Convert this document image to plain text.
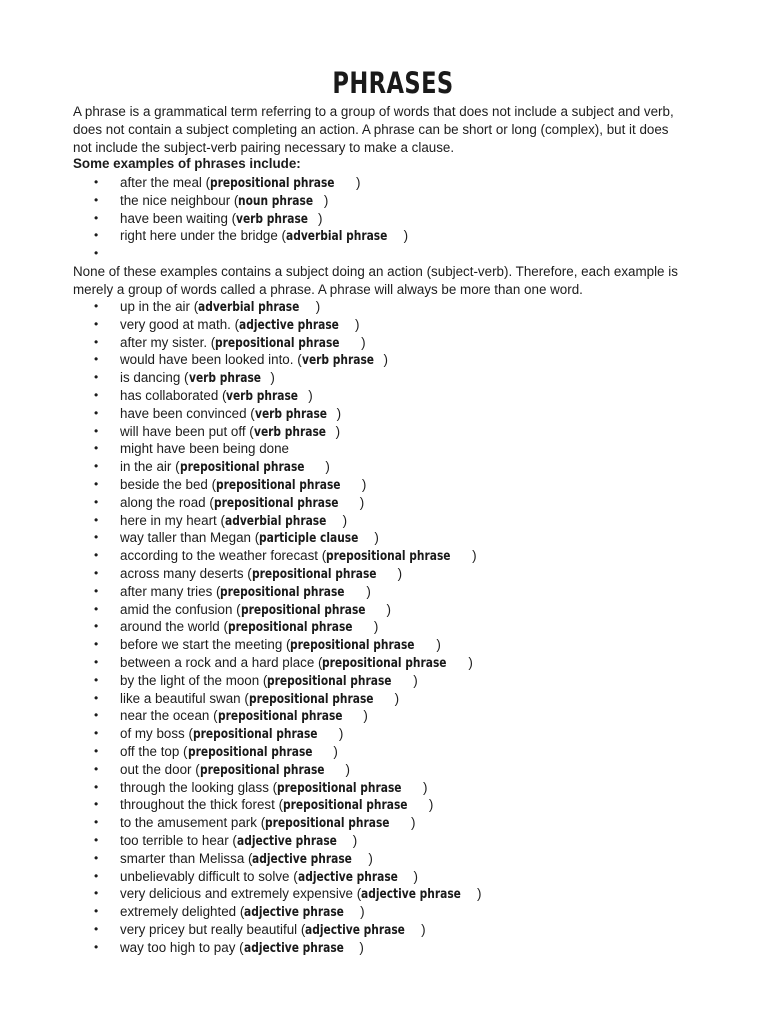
PHRASES

A phrase is a grammatical term referring to a group of words that does not include a subject and verb,
does not contain a subject completing an action. A phrase can be short or long (complex), but it does
not include the subject-verb pairing necessary to make a clause.

Some examples of phrases include:

• after the meal (prepositional phrase )
• the nice neighbour (noun phrase )
• have been waiting (verb phrase )
• right here under the bridge (adverbial phrase )
•

None of these examples contains a subject doing an action (subject-verb). Therefore, each example is
merely a group of words called a phrase. A phrase will always be more than one word.

• up in the air (adverbial phrase )
• very good at math. (adjective phrase )
• after my sister. (prepositional phrase )
• would have been looked into. (verb phrase )
• is dancing (verb phrase )
• has collaborated (verb phrase )
• have been convinced (verb phrase )
• will have been put off (verb phrase )
• might have been being done
• in the air (prepositional phrase )
• beside the bed (prepositional phrase )
• along the road (prepositional phrase )
• here in my heart (adverbial phrase )
• way taller than Megan (participle clause )
• according to the weather forecast (prepositional phrase )
• across many deserts (prepositional phrase )
• after many tries (prepositional phrase )
• amid the confusion (prepositional phrase )
• around the world (prepositional phrase )
• before we start the meeting (prepositional phrase )
• between a rock and a hard place (prepositional phrase )
• by the light of the moon (prepositional phrase )
• like a beautiful swan (prepositional phrase )
• near the ocean (prepositional phrase )
• of my boss (prepositional phrase )
• off the top (prepositional phrase )
• out the door (prepositional phrase )
• through the looking glass (prepositional phrase )
• throughout the thick forest (prepositional phrase )
• to the amusement park (prepositional phrase )
• too terrible to hear (adjective phrase )
• smarter than Melissa (adjective phrase )
• unbelievably difficult to solve (adjective phrase )
• very delicious and extremely expensive (adjective phrase )
• extremely delighted (adjective phrase )
• very pricey but really beautiful (adjective phrase )
• way too high to pay (adjective phrase )
